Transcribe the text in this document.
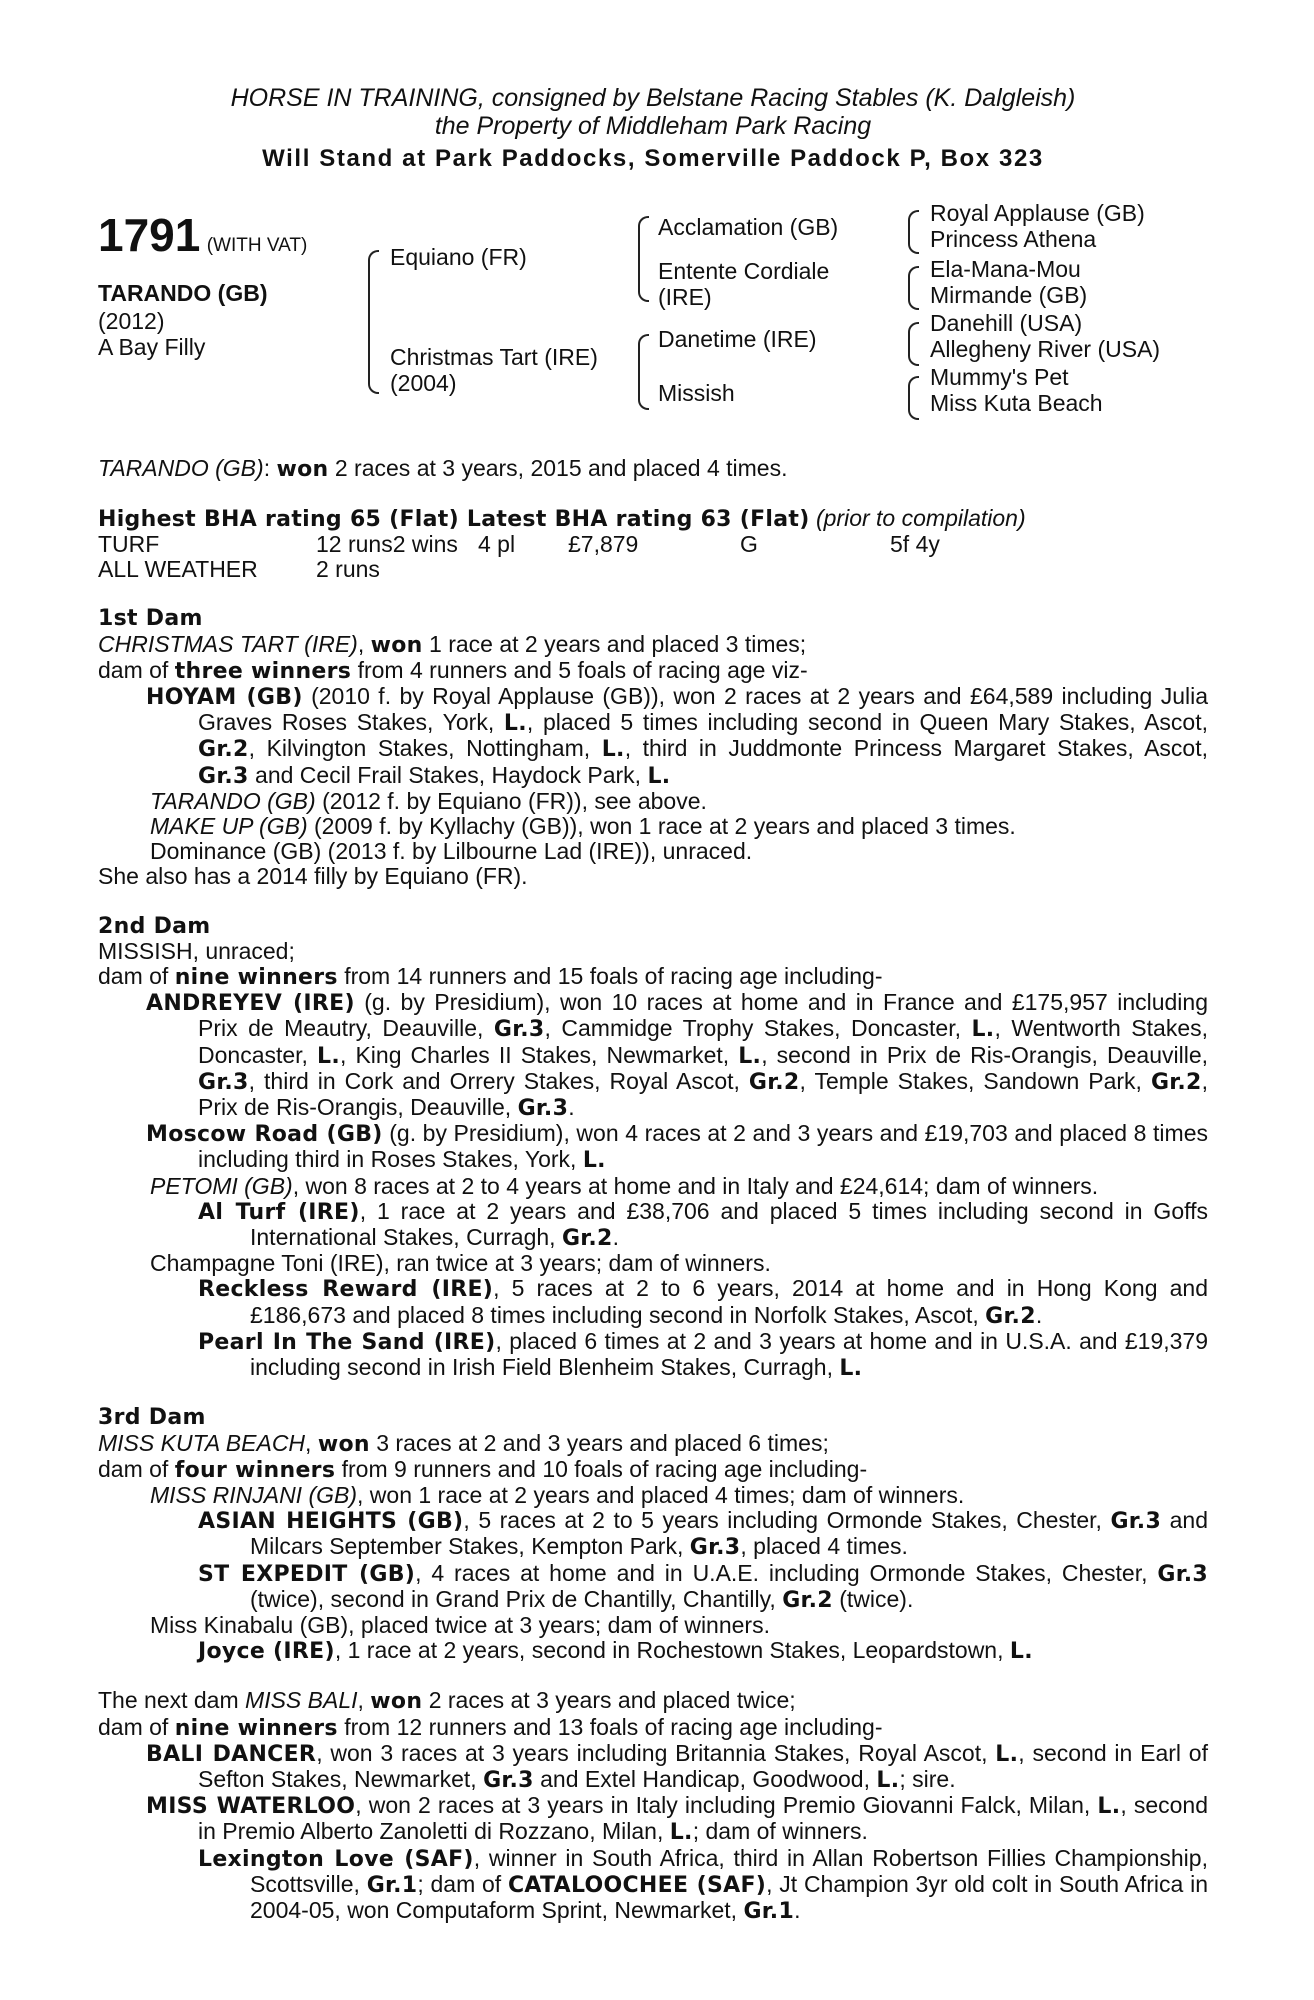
HORSE IN TRAINING, consigned by Belstane Racing Stables (K. Dalgleish)
the Property of Middleham Park Racing
Will Stand at Park Paddocks, Somerville Paddock P, Box 323
1791 (WITH VAT)
TARANDO (GB)
(2012)
A Bay Filly
Equiano (FR)
Christmas Tart (IRE)
(2004)
Acclamation (GB)
Entente Cordiale
(IRE)
Danetime (IRE)
Missish
Royal Applause (GB)
Princess Athena
Ela-Mana-Mou
Mirmande (GB)
Danehill (USA)
Allegheny River (USA)
Mummy's Pet
Miss Kuta Beach
TARANDO (GB): won 2 races at 3 years, 2015 and placed 4 times.
Highest BHA rating 65 (Flat) Latest BHA rating 63 (Flat) (prior to compilation)
TURF	12 runs2 wins 4 pl £7,879	G	5f 4y
ALL WEATHER	2 runs
1st Dam
CHRISTMAS TART (IRE), won 1 race at 2 years and placed 3 times;
dam of three winners from 4 runners and 5 foals of racing age viz-

HOYAM (GB) (2010 f. by Royal Applause (GB)), won 2 races at 2 years and £64,589 including Julia Graves Roses Stakes, York, L., placed 5 times including second in Queen Mary Stakes, Ascot, Gr.2, Kilvington Stakes, Nottingham, L., third in Juddmonte Princess Margaret Stakes, Ascot, Gr.3 and Cecil Frail Stakes, Haydock Park, L.

TARANDO (GB) (2012 f. by Equiano (FR)), see above.
MAKE UP (GB) (2009 f. by Kyllachy (GB)), won 1 race at 2 years and placed 3 times.
Dominance (GB) (2013 f. by Lilbourne Lad (IRE)), unraced.
She also has a 2014 filly by Equiano (FR).
2nd Dam
MISSISH, unraced;
dam of nine winners from 14 runners and 15 foals of racing age including-

ANDREYEV (IRE) (g. by Presidium), won 10 races at home and in France and £175,957 including Prix de Meautry, Deauville, Gr.3, Cammidge Trophy Stakes, Doncaster, L., Wentworth Stakes, Doncaster, L., King Charles II Stakes, Newmarket, L., second in Prix de Ris-Orangis, Deauville, Gr.3, third in Cork and Orrery Stakes, Royal Ascot, Gr.2, Temple Stakes, Sandown Park, Gr.2, Prix de Ris-Orangis, Deauville, Gr.3.

Moscow Road (GB) (g. by Presidium), won 4 races at 2 and 3 years and £19,703 and placed 8 times including third in Roses Stakes, York, L.

PETOMI (GB), won 8 races at 2 to 4 years at home and in Italy and £24,614; dam of winners.

Al Turf (IRE), 1 race at 2 years and £38,706 and placed 5 times including second in Goffs International Stakes, Curragh, Gr.2.

Champagne Toni (IRE), ran twice at 3 years; dam of winners.

Reckless Reward (IRE), 5 races at 2 to 6 years, 2014 at home and in Hong Kong and £186,673 and placed 8 times including second in Norfolk Stakes, Ascot, Gr.2.

Pearl In The Sand (IRE), placed 6 times at 2 and 3 years at home and in U.S.A. and £19,379 including second in Irish Field Blenheim Stakes, Curragh, L.

3rd Dam
MISS KUTA BEACH, won 3 races at 2 and 3 years and placed 6 times;
dam of four winners from 9 runners and 10 foals of racing age including-
MISS RINJANI (GB), won 1 race at 2 years and placed 4 times; dam of winners.

ASIAN HEIGHTS (GB), 5 races at 2 to 5 years including Ormonde Stakes, Chester, Gr.3 and Milcars September Stakes, Kempton Park, Gr.3, placed 4 times.

ST EXPEDIT (GB), 4 races at home and in U.A.E. including Ormonde Stakes, Chester, Gr.3 (twice), second in Grand Prix de Chantilly, Chantilly, Gr.2 (twice).

Miss Kinabalu (GB), placed twice at 3 years; dam of winners.
Joyce (IRE), 1 race at 2 years, second in Rochestown Stakes, Leopardstown, L.
The next dam MISS BALI, won 2 races at 3 years and placed twice;
dam of nine winners from 12 runners and 13 foals of racing age including-

BALI DANCER, won 3 races at 3 years including Britannia Stakes, Royal Ascot, L., second in Earl of Sefton Stakes, Newmarket, Gr.3 and Extel Handicap, Goodwood, L.; sire.

MISS WATERLOO, won 2 races at 3 years in Italy including Premio Giovanni Falck, Milan, L., second in Premio Alberto Zanoletti di Rozzano, Milan, L.; dam of winners.

Lexington Love (SAF), winner in South Africa, third in Allan Robertson Fillies Championship, Scottsville, Gr.1; dam of CATALOOCHEE (SAF), Jt Champion 3yr old colt in South Africa in 2004-05, won Computaform Sprint, Newmarket, Gr.1.
